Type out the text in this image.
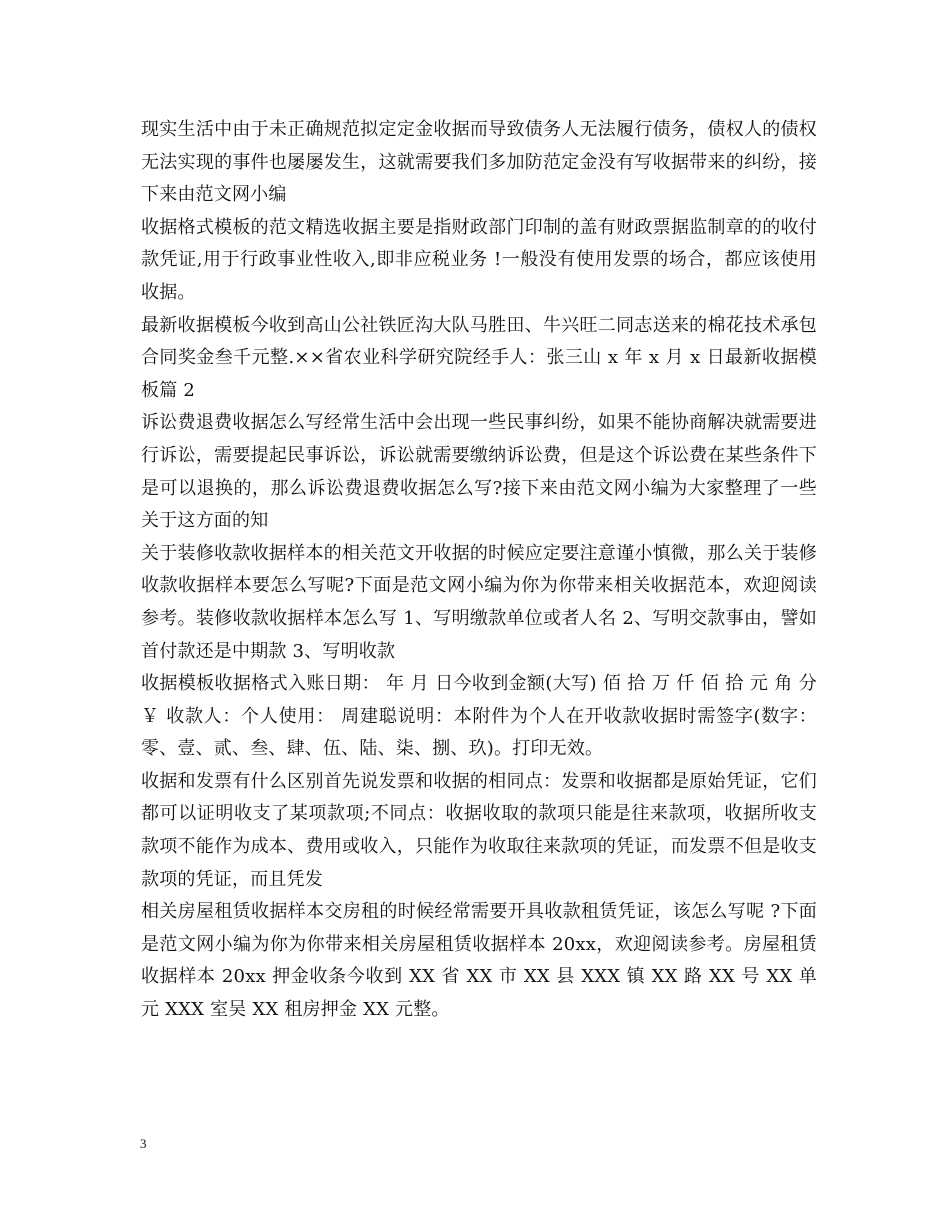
现实生活中由于未正确规范拟定定金收据而导致债务人无法履行债务，债权人的债权无法实现的事件也屡屡发生，这就需要我们多加防范定金没有写收据带来的纠纷，接下来由范文网小编

收据格式模板的范文精选收据主要是指财政部门印制的盖有财政票据监制章的的收付款凭证,用于行政事业性收入,即非应税业务 !一般没有使用发票的场合，都应该使用收据。

最新收据模板今收到高山公社铁匠沟大队马胜田、牛兴旺二同志送来的棉花技术承包合同奖金叁千元整.××省农业科学研究院经手人：张三山 x 年 x 月 x 日最新收据模板篇 2

诉讼费退费收据怎么写经常生活中会出现一些民事纠纷，如果不能协商解决就需要进行诉讼，需要提起民事诉讼，诉讼就需要缴纳诉讼费，但是这个诉讼费在某些条件下是可以退换的，那么诉讼费退费收据怎么写?接下来由范文网小编为大家整理了一些关于这方面的知

关于装修收款收据样本的相关范文开收据的时候应定要注意谨小慎微，那么关于装修收款收据样本要怎么写呢?下面是范文网小编为你为你带来相关收据范本，欢迎阅读参考。装修收款收据样本怎么写 1、写明缴款单位或者人名 2、写明交款事由，譬如首付款还是中期款 3、写明收款

收据模板收据格式入账日期： 年 月 日今收到金额(大写) 佰 拾 万 仟 佰 拾 元 角 分￥ 收款人：个人使用： 周建聪说明：本附件为个人在开收款收据时需签字(数字：零、壹、贰、叁、肆、伍、陆、柒、捌、玖)。打印无效。

收据和发票有什么区别首先说发票和收据的相同点：发票和收据都是原始凭证，它们都可以证明收支了某项款项;不同点：收据收取的款项只能是往来款项，收据所收支款项不能作为成本、费用或收入，只能作为收取往来款项的凭证，而发票不但是收支款项的凭证，而且凭发

相关房屋租赁收据样本交房租的时候经常需要开具收款租赁凭证，该怎么写呢 ?下面是范文网小编为你为你带来相关房屋租赁收据样本 20xx，欢迎阅读参考。房屋租赁收据样本 20xx 押金收条今收到 XX 省 XX 市 XX 县 XXX 镇 XX 路 XX 号 XX 单元 XXX 室吴 XX 租房押金 XX 元整。

3
